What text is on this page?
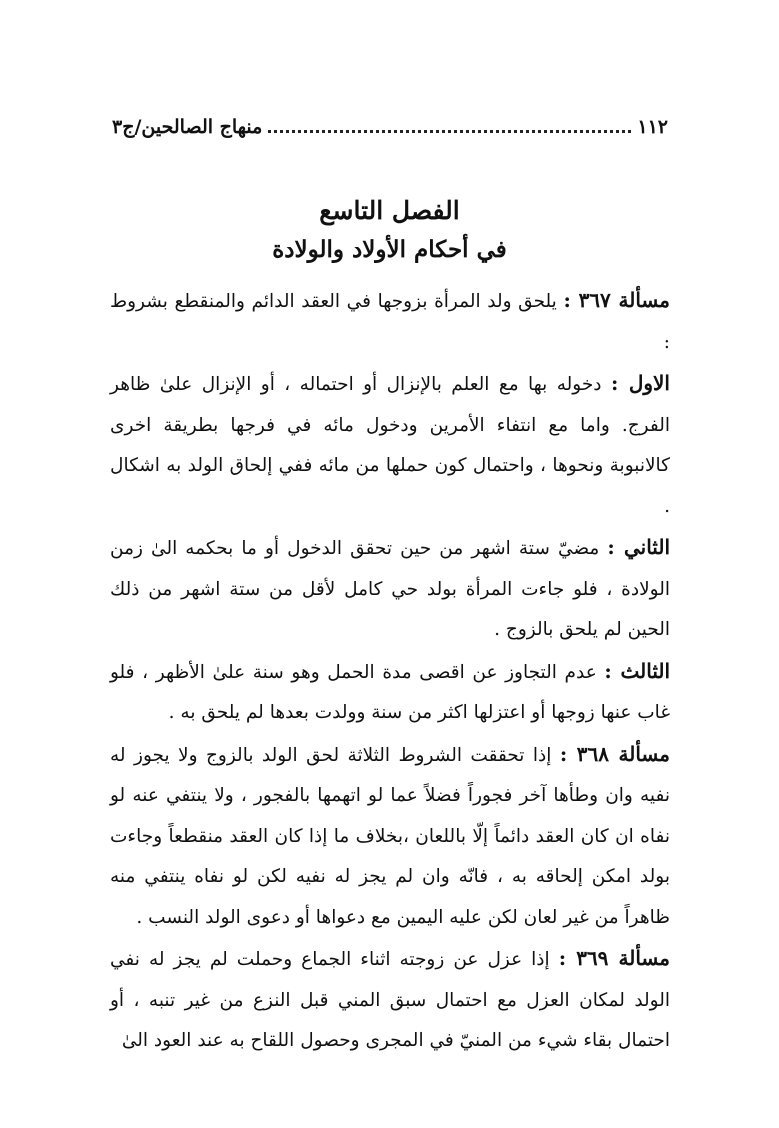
١١٢
منهاج الصالحين/ج٣
الفصل التاسع
في أحكام الأولاد والولادة

مسألة ٣٦٧ : يلحق ولد المرأة بزوجها في العقد الدائم والمنقطع بشروط :

الاول : دخوله بها مع العلم بالإنزال أو احتماله ، أو الإنزال علىٰ ظاهر الفرج. واما مع انتفاء الأمرين ودخول مائه في فرجها بطريقة اخرى كالانبوبة ونحوها ، واحتمال كون حملها من مائه ففي إلحاق الولد به اشكال .

الثاني : مضيّ ستة اشهر من حين تحقق الدخول أو ما بحكمه الىٰ زمن الولادة ، فلو جاءت المرأة بولد حي كامل لأقل من ستة اشهر من ذلك الحين لم يلحق بالزوج .

الثالث : عدم التجاوز عن اقصى مدة الحمل وهو سنة علىٰ الأظهر ، فلو غاب عنها زوجها أو اعتزلها اكثر من سنة وولدت بعدها لم يلحق به .

مسألة ٣٦٨ : إذا تحققت الشروط الثلاثة لحق الولد بالزوج ولا يجوز له نفيه وان وطأها آخر فجوراً فضلاً عما لو اتهمها بالفجور ، ولا ينتفي عنه لو نفاه ان كان العقد دائماً إلّا باللعان ،بخلاف ما إذا كان العقد منقطعاً وجاءت بولد امكن إلحاقه به ، فانّه وان لم يجز له نفيه لكن لو نفاه ينتفي منه ظاهراً من غير لعان لكن عليه اليمين مع دعواها أو دعوى الولد النسب .

مسألة ٣٦٩ : إذا عزل عن زوجته اثناء الجماع وحملت لم يجز له نفي الولد لمكان العزل مع احتمال سبق المني قبل النزع من غير تنبه ، أو احتمال بقاء شيء من المنيّ في المجرى وحصول اللقاح به عند العود الىٰ
